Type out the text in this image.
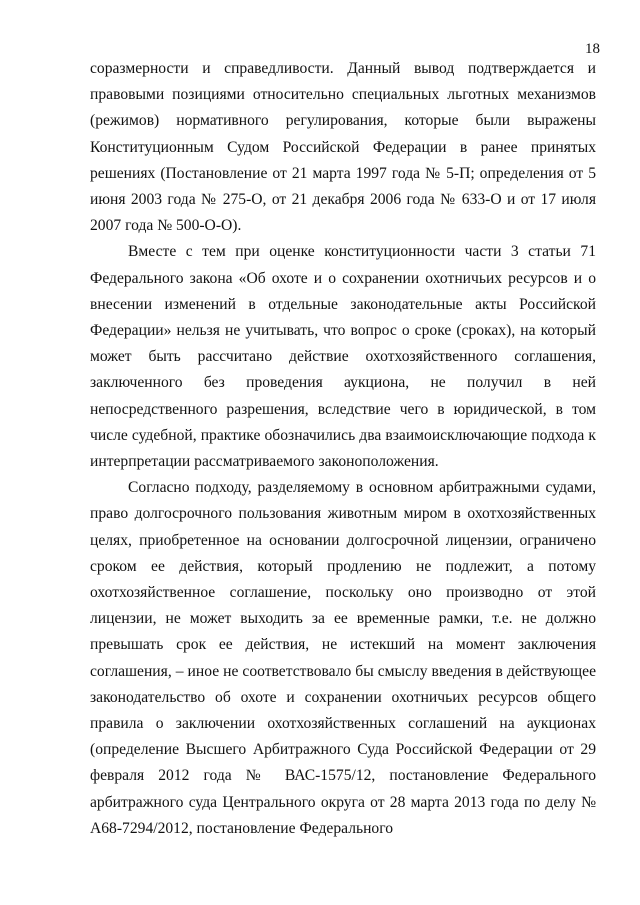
18

соразмерности и справедливости. Данный вывод подтверждается и правовыми позициями относительно специальных льготных механизмов (режимов) нормативного регулирования, которые были выражены Конституционным Судом Российской Федерации в ранее принятых решениях (Постановление от 21 марта 1997 года № 5-П; определения от 5 июня 2003 года № 275-О, от 21 декабря 2006 года № 633-О и от 17 июля 2007 года № 500-О-О).

Вместе с тем при оценке конституционности части 3 статьи 71 Федерального закона «Об охоте и о сохранении охотничьих ресурсов и о внесении изменений в отдельные законодательные акты Российской Федерации» нельзя не учитывать, что вопрос о сроке (сроках), на который может быть рассчитано действие охотхозяйственного соглашения, заключенного без проведения аукциона, не получил в ней непосредственного разрешения, вследствие чего в юридической, в том числе судебной, практике обозначились два взаимоисключающие подхода к интерпретации рассматриваемого законоположения.

Согласно подходу, разделяемому в основном арбитражными судами, право долгосрочного пользования животным миром в охотхозяйственных целях, приобретенное на основании долгосрочной лицензии, ограничено сроком ее действия, который продлению не подлежит, а потому охотхозяйственное соглашение, поскольку оно производно от этой лицензии, не может выходить за ее временные рамки, т.е. не должно превышать срок ее действия, не истекший на момент заключения соглашения, – иное не соответствовало бы смыслу введения в действующее законодательство об охоте и сохранении охотничьих ресурсов общего правила о заключении охотхозяйственных соглашений на аукционах (определение Высшего Арбитражного Суда Российской Федерации от 29 февраля 2012 года № ВАС-1575/12, постановление Федерального арбитражного суда Центрального округа от 28 марта 2013 года по делу № А68-7294/2012, постановление Федерального
